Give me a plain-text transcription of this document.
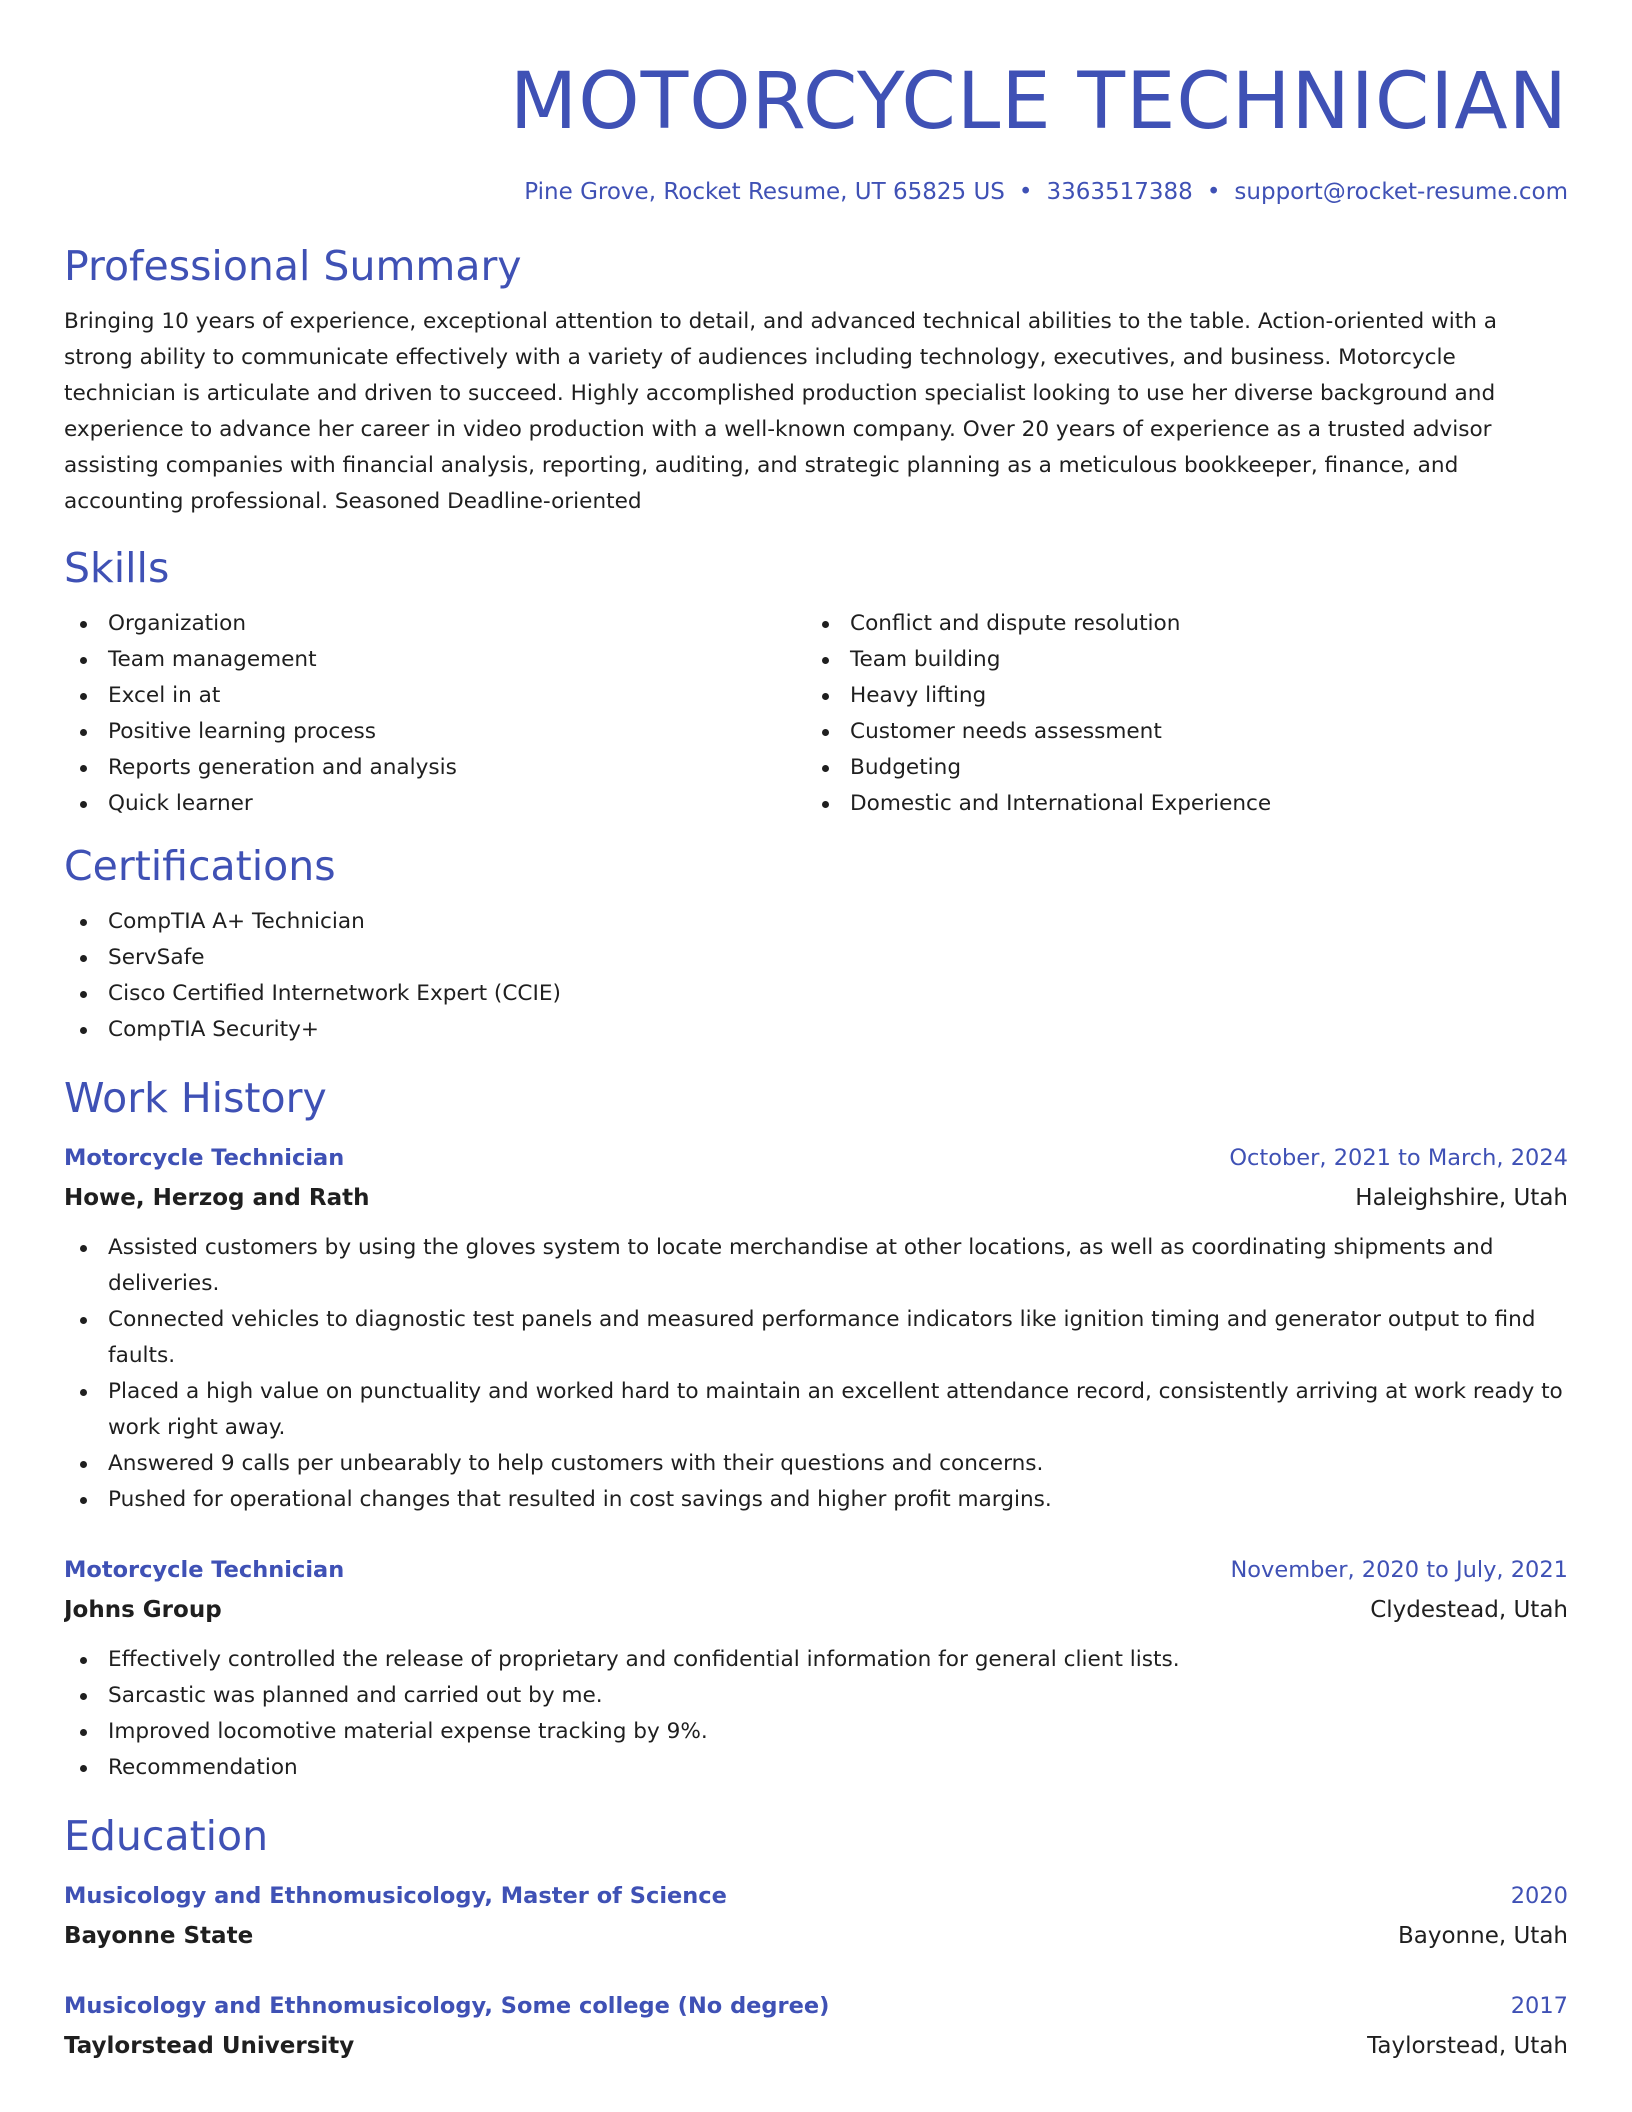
MOTORCYCLE TECHNICIAN
Pine Grove, Rocket Resume, UT 65825 US • 3363517388 • support@rocket-resume.com
Professional Summary

Bringing 10 years of experience, exceptional attention to detail, and advanced technical abilities to the table. Action-oriented with a strong ability to communicate effectively with a variety of audiences including technology, executives, and business. Motorcycle technician is articulate and driven to succeed. Highly accomplished production specialist looking to use her diverse background and experience to advance her career in video production with a well-known company. Over 20 years of experience as a trusted advisor assisting companies with financial analysis, reporting, auditing, and strategic planning as a meticulous bookkeeper, finance, and accounting professional. Seasoned Deadline-oriented

Skills
Organization
Team management
Excel in at
Positive learning process
Reports generation and analysis
Quick learner
Conflict and dispute resolution
Team building
Heavy lifting
Customer needs assessment
Budgeting
Domestic and International Experience
Certifications
CompTIA A+ Technician
ServSafe
Cisco Certified Internetwork Expert (CCIE)
CompTIA Security+
Work History
Motorcycle Technician	October, 2021 to March, 2024
Howe, Herzog and Rath	Haleighshire, Utah
Assisted customers by using the gloves system to locate merchandise at other locations, as well as coordinating shipments and deliveries.
Connected vehicles to diagnostic test panels and measured performance indicators like ignition timing and generator output to find faults.
Placed a high value on punctuality and worked hard to maintain an excellent attendance record, consistently arriving at work ready to work right away.
Answered 9 calls per unbearably to help customers with their questions and concerns.
Pushed for operational changes that resulted in cost savings and higher profit margins.
Motorcycle Technician	November, 2020 to July, 2021
Johns Group	Clydestead, Utah
Effectively controlled the release of proprietary and confidential information for general client lists.
Sarcastic was planned and carried out by me.
Improved locomotive material expense tracking by 9%.
Recommendation
Education
Musicology and Ethnomusicology, Master of Science	2020
Bayonne State	Bayonne, Utah
Musicology and Ethnomusicology, Some college (No degree)	2017
Taylorstead University	Taylorstead, Utah
